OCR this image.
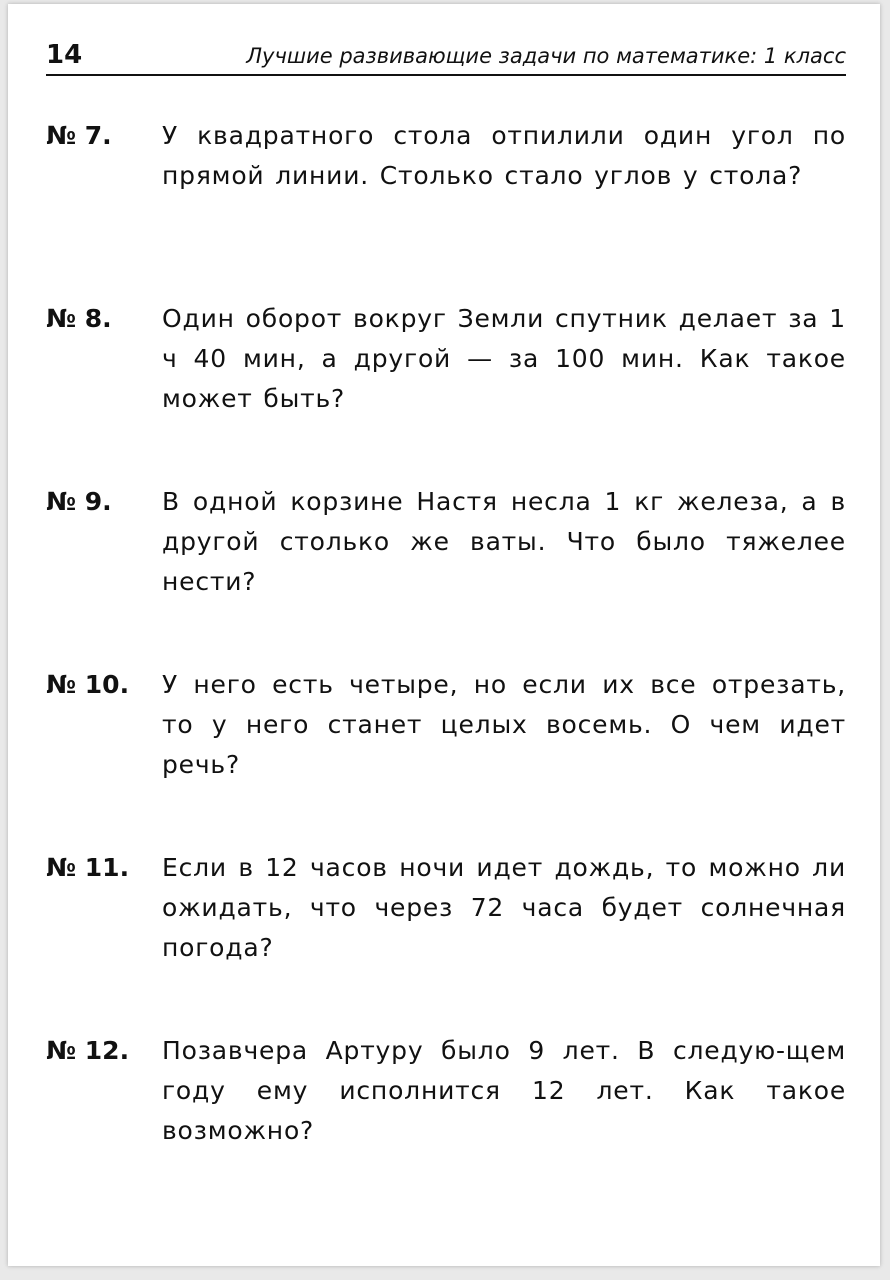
14	Лучшие развивающие задачи по математике: 1 класс
№ 7. У квадратного стола отпилили один угол по прямой линии. Столько стало углов у стола?

№ 8. Один оборот вокруг Земли спутник делает за 1 ч 40 мин, а другой — за 100 мин. Как такое может быть?

№ 9. В одной корзине Настя несла 1 кг железа, а в другой столько же ваты. Что было тяжелее нести?

№ 10. У него есть четыре, но если их все отрезать, то у него станет целых восемь. О чем идет речь?

№ 11. Если в 12 часов ночи идет дождь, то можно ли ожидать, что через 72 часа будет солнечная погода?

№ 12. Позавчера Артуру было 9 лет. В следую-щем году ему исполнится 12 лет. Как такое возможно?
